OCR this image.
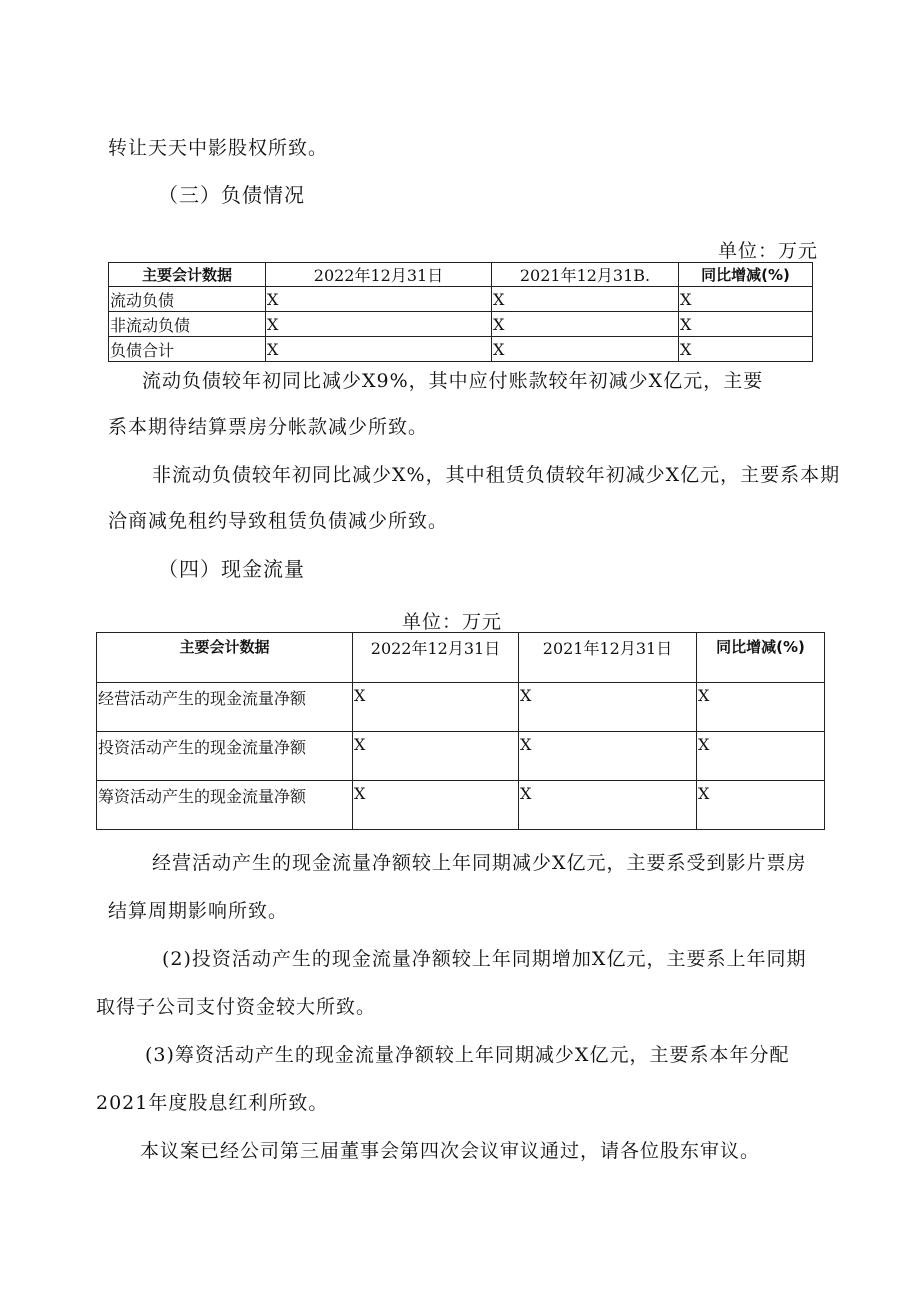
转让天天中影股权所致。
（三）负债情况
单位：万元
主要会计数据	2022年12月31日	2021年12月31B.	同比增减(%)
流动负债	X	X	X
非流动负债	X	X	X
负债合计	X	X	X
流动负债较年初同比减少X9%，其中应付账款较年初减少X亿元，主要
系本期待结算票房分帐款减少所致。
非流动负债较年初同比减少X%，其中租赁负债较年初减少X亿元，主要系本期
洽商减免租约导致租赁负债减少所致。
（四）现金流量
单位：万元
主要会计数据	2022年12月31日	2021年12月31日	同比增减(%)
经营活动产生的现金流量净额	X	X	X
投资活动产生的现金流量净额	X	X	X
筹资活动产生的现金流量净额	X	X	X
经营活动产生的现金流量净额较上年同期减少X亿元，主要系受到影片票房
结算周期影响所致。
(2)投资活动产生的现金流量净额较上年同期增加X亿元，主要系上年同期
取得子公司支付资金较大所致。
(3)筹资活动产生的现金流量净额较上年同期减少X亿元，主要系本年分配
2021年度股息红利所致。
本议案已经公司第三届董事会第四次会议审议通过，请各位股东审议。
